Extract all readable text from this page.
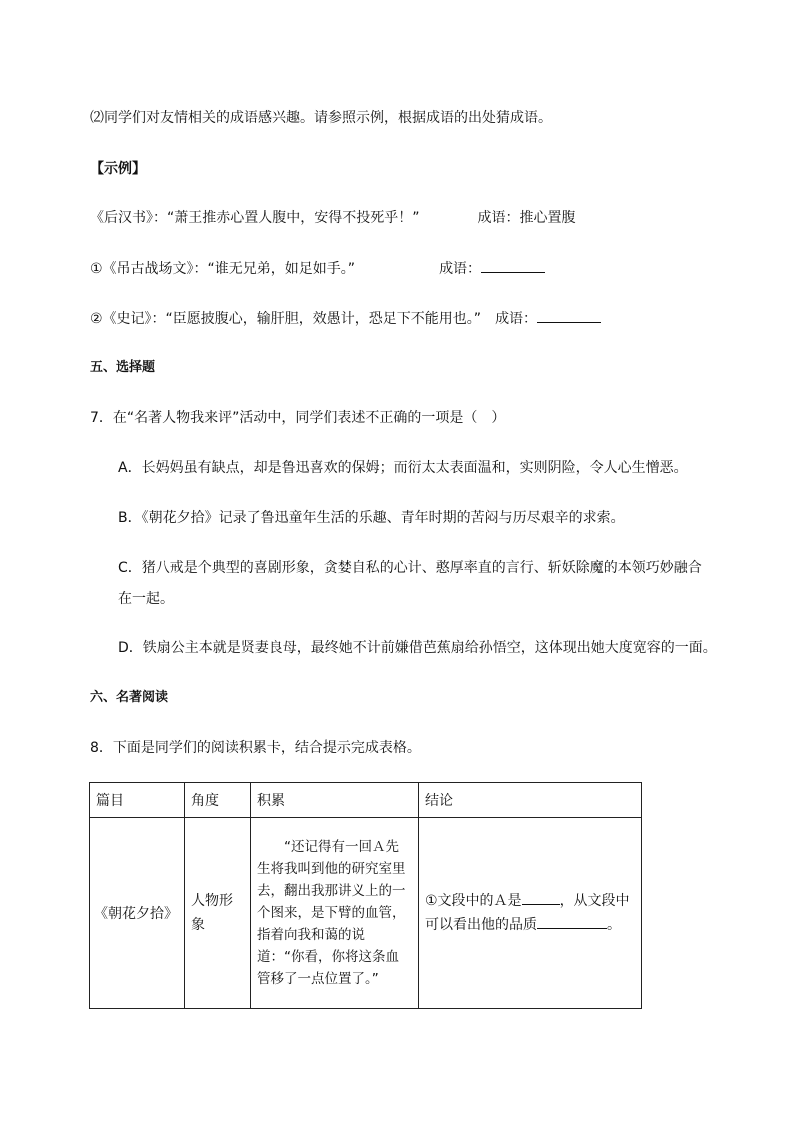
⑵同学们对友情相关的成语感兴趣。请参照示例，根据成语的出处猜成语。
【示例】
《后汉书》：“萧王推赤心置人腹中，安得不投死乎！”	成语：推心置腹
①《吊古战场文》：“谁无兄弟，如足如手。”	成语：
②《史记》：“臣愿披腹心，输肝胆，效愚计，恐足下不能用也。” 成语：
五、选择题
7．在“名著人物我来评”活动中，同学们表述不正确的一项是（　）
A．长妈妈虽有缺点，却是鲁迅喜欢的保姆；而衍太太表面温和，实则阴险，令人心生憎恶。
B．《朝花夕拾》记录了鲁迅童年生活的乐趣、青年时期的苦闷与历尽艰辛的求索。
C．猪八戒是个典型的喜剧形象，贪婪自私的心计、憨厚率直的言行、斩妖除魔的本领巧妙融合
在一起。
D．铁扇公主本就是贤妻良母，最终她不计前嫌借芭蕉扇给孙悟空，这体现出她大度宽容的一面。
六、名著阅读
8．下面是同学们的阅读积累卡，结合提示完成表格。
篇目	角度	积累	结论
《朝花夕拾》	人物形象	“还记得有一回Ａ先生将我叫到他的研究室里去，翻出我那讲义上的一个图来，是下臂的血管，指着向我和蔼的说道：“你看，你将这条血管移了一点位置了。”	①文段中的Ａ是 ，从文段中可以看出他的品质 。
